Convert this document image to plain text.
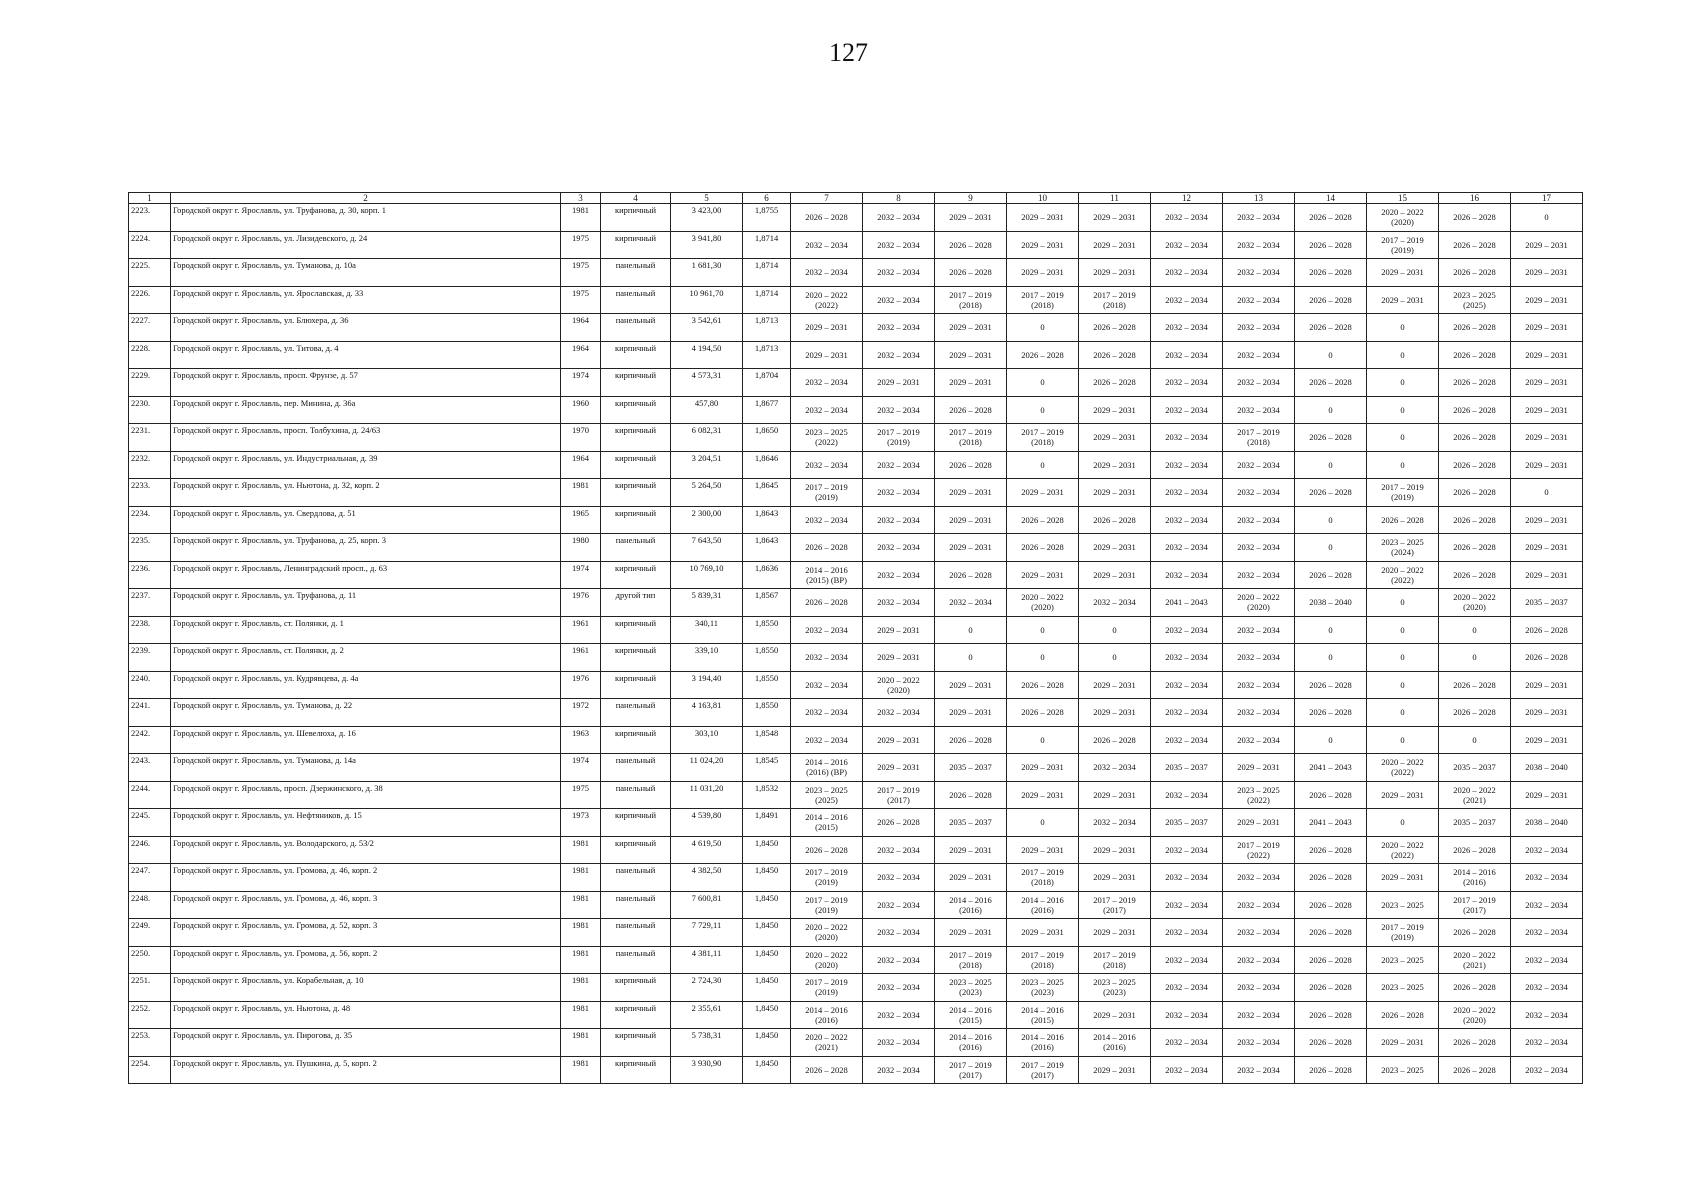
127
1	2	3	4	5	6	7	8	9	10	11	12	13	14	15	16	17
2223.	Городской округ г. Ярославль, ул. Труфанова, д. 30, корп. 1	1981	кирпичный	3 423,00	1,8755	2026 – 2028	2032 – 2034	2029 – 2031	2029 – 2031	2029 – 2031	2032 – 2034	2032 – 2034	2026 – 2028	2020 – 2022 (2020)	2026 – 2028	0
2224.	Городской округ г. Ярославль, ул. Лизидевского, д. 24	1975	кирпичный	3 941,80	1,8714	2032 – 2034	2032 – 2034	2026 – 2028	2029 – 2031	2029 – 2031	2032 – 2034	2032 – 2034	2026 – 2028	2017 – 2019 (2019)	2026 – 2028	2029 – 2031
2225.	Городской округ г. Ярославль, ул. Туманова, д. 10а	1975	панельный	1 681,30	1,8714	2032 – 2034	2032 – 2034	2026 – 2028	2029 – 2031	2029 – 2031	2032 – 2034	2032 – 2034	2026 – 2028	2029 – 2031	2026 – 2028	2029 – 2031
2226.	Городской округ г. Ярославль, ул. Ярославская, д. 33	1975	панельный	10 961,70	1,8714	2020 – 2022 (2022)	2032 – 2034	2017 – 2019 (2018)	2017 – 2019 (2018)	2017 – 2019 (2018)	2032 – 2034	2032 – 2034	2026 – 2028	2029 – 2031	2023 – 2025 (2025)	2029 – 2031
2227.	Городской округ г. Ярославль, ул. Блюхера, д. 36	1964	панельный	3 542,61	1,8713	2029 – 2031	2032 – 2034	2029 – 2031	0	2026 – 2028	2032 – 2034	2032 – 2034	2026 – 2028	0	2026 – 2028	2029 – 2031
2228.	Городской округ г. Ярославль, ул. Титова, д. 4	1964	кирпичный	4 194,50	1,8713	2029 – 2031	2032 – 2034	2029 – 2031	2026 – 2028	2026 – 2028	2032 – 2034	2032 – 2034	0	0	2026 – 2028	2029 – 2031
2229.	Городской округ г. Ярославль, просп. Фрунзе, д. 57	1974	кирпичный	4 573,31	1,8704	2032 – 2034	2029 – 2031	2029 – 2031	0	2026 – 2028	2032 – 2034	2032 – 2034	2026 – 2028	0	2026 – 2028	2029 – 2031
2230.	Городской округ г. Ярославль, пер. Минина, д. 36а	1960	кирпичный	457,80	1,8677	2032 – 2034	2032 – 2034	2026 – 2028	0	2029 – 2031	2032 – 2034	2032 – 2034	0	0	2026 – 2028	2029 – 2031
2231.	Городской округ г. Ярославль, просп. Толбухина, д. 24/63	1970	кирпичный	6 082,31	1,8650	2023 – 2025 (2022)	2017 – 2019 (2019)	2017 – 2019 (2018)	2017 – 2019 (2018)	2029 – 2031	2032 – 2034	2017 – 2019 (2018)	2026 – 2028	0	2026 – 2028	2029 – 2031
2232.	Городской округ г. Ярославль, ул. Индустриальная, д. 39	1964	кирпичный	3 204,51	1,8646	2032 – 2034	2032 – 2034	2026 – 2028	0	2029 – 2031	2032 – 2034	2032 – 2034	0	0	2026 – 2028	2029 – 2031
2233.	Городской округ г. Ярославль, ул. Ньютона, д. 32, корп. 2	1981	кирпичный	5 264,50	1,8645	2017 – 2019 (2019)	2032 – 2034	2029 – 2031	2029 – 2031	2029 – 2031	2032 – 2034	2032 – 2034	2026 – 2028	2017 – 2019 (2019)	2026 – 2028	0
2234.	Городской округ г. Ярославль, ул. Свердлова, д. 51	1965	кирпичный	2 300,00	1,8643	2032 – 2034	2032 – 2034	2029 – 2031	2026 – 2028	2026 – 2028	2032 – 2034	2032 – 2034	0	2026 – 2028	2026 – 2028	2029 – 2031
2235.	Городской округ г. Ярославль, ул. Труфанова, д. 25, корп. 3	1980	панельный	7 643,50	1,8643	2026 – 2028	2032 – 2034	2029 – 2031	2026 – 2028	2029 – 2031	2032 – 2034	2032 – 2034	0	2023 – 2025 (2024)	2026 – 2028	2029 – 2031
2236.	Городской округ г. Ярославль, Ленинградский просп., д. 63	1974	кирпичный	10 769,10	1,8636	2014 – 2016 (2015) (ВР)	2032 – 2034	2026 – 2028	2029 – 2031	2029 – 2031	2032 – 2034	2032 – 2034	2026 – 2028	2020 – 2022 (2022)	2026 – 2028	2029 – 2031
2237.	Городской округ г. Ярославль, ул. Труфанова, д. 11	1976	другой тип	5 839,31	1,8567	2026 – 2028	2032 – 2034	2032 – 2034	2020 – 2022 (2020)	2032 – 2034	2041 – 2043	2020 – 2022 (2020)	2038 – 2040	0	2020 – 2022 (2020)	2035 – 2037
2238.	Городской округ г. Ярославль, ст. Полянки, д. 1	1961	кирпичный	340,11	1,8550	2032 – 2034	2029 – 2031	0	0	0	2032 – 2034	2032 – 2034	0	0	0	2026 – 2028
2239.	Городской округ г. Ярославль, ст. Полянки, д. 2	1961	кирпичный	339,10	1,8550	2032 – 2034	2029 – 2031	0	0	0	2032 – 2034	2032 – 2034	0	0	0	2026 – 2028
2240.	Городской округ г. Ярославль, ул. Кудрявцева, д. 4а	1976	кирпичный	3 194,40	1,8550	2032 – 2034	2020 – 2022 (2020)	2029 – 2031	2026 – 2028	2029 – 2031	2032 – 2034	2032 – 2034	2026 – 2028	0	2026 – 2028	2029 – 2031
2241.	Городской округ г. Ярославль, ул. Туманова, д. 22	1972	панельный	4 163,81	1,8550	2032 – 2034	2032 – 2034	2029 – 2031	2026 – 2028	2029 – 2031	2032 – 2034	2032 – 2034	2026 – 2028	0	2026 – 2028	2029 – 2031
2242.	Городской округ г. Ярославль, ул. Шевелюха, д. 16	1963	кирпичный	303,10	1,8548	2032 – 2034	2029 – 2031	2026 – 2028	0	2026 – 2028	2032 – 2034	2032 – 2034	0	0	0	2029 – 2031
2243.	Городской округ г. Ярославль, ул. Туманова, д. 14а	1974	панельный	11 024,20	1,8545	2014 – 2016 (2016) (ВР)	2029 – 2031	2035 – 2037	2029 – 2031	2032 – 2034	2035 – 2037	2029 – 2031	2041 – 2043	2020 – 2022 (2022)	2035 – 2037	2038 – 2040
2244.	Городской округ г. Ярославль, просп. Дзержинского, д. 38	1975	панельный	11 031,20	1,8532	2023 – 2025 (2025)	2017 – 2019 (2017)	2026 – 2028	2029 – 2031	2029 – 2031	2032 – 2034	2023 – 2025 (2022)	2026 – 2028	2029 – 2031	2020 – 2022 (2021)	2029 – 2031
2245.	Городской округ г. Ярославль, ул. Нефтяников, д. 15	1973	кирпичный	4 539,80	1,8491	2014 – 2016 (2015)	2026 – 2028	2035 – 2037	0	2032 – 2034	2035 – 2037	2029 – 2031	2041 – 2043	0	2035 – 2037	2038 – 2040
2246.	Городской округ г. Ярославль, ул. Володарского, д. 53/2	1981	кирпичный	4 619,50	1,8450	2026 – 2028	2032 – 2034	2029 – 2031	2029 – 2031	2029 – 2031	2032 – 2034	2017 – 2019 (2022)	2026 – 2028	2020 – 2022 (2022)	2026 – 2028	2032 – 2034
2247.	Городской округ г. Ярославль, ул. Громова, д. 46, корп. 2	1981	панельный	4 382,50	1,8450	2017 – 2019 (2019)	2032 – 2034	2029 – 2031	2017 – 2019 (2018)	2029 – 2031	2032 – 2034	2032 – 2034	2026 – 2028	2029 – 2031	2014 – 2016 (2016)	2032 – 2034
2248.	Городской округ г. Ярославль, ул. Громова, д. 46, корп. 3	1981	панельный	7 600,81	1,8450	2017 – 2019 (2019)	2032 – 2034	2014 – 2016 (2016)	2014 – 2016 (2016)	2017 – 2019 (2017)	2032 – 2034	2032 – 2034	2026 – 2028	2023 – 2025	2017 – 2019 (2017)	2032 – 2034
2249.	Городской округ г. Ярославль, ул. Громова, д. 52, корп. 3	1981	панельный	7 729,11	1,8450	2020 – 2022 (2020)	2032 – 2034	2029 – 2031	2029 – 2031	2029 – 2031	2032 – 2034	2032 – 2034	2026 – 2028	2017 – 2019 (2019)	2026 – 2028	2032 – 2034
2250.	Городской округ г. Ярославль, ул. Громова, д. 56, корп. 2	1981	панельный	4 381,11	1,8450	2020 – 2022 (2020)	2032 – 2034	2017 – 2019 (2018)	2017 – 2019 (2018)	2017 – 2019 (2018)	2032 – 2034	2032 – 2034	2026 – 2028	2023 – 2025	2020 – 2022 (2021)	2032 – 2034
2251.	Городской округ г. Ярославль, ул. Корабельная, д. 10	1981	кирпичный	2 724,30	1,8450	2017 – 2019 (2019)	2032 – 2034	2023 – 2025 (2023)	2023 – 2025 (2023)	2023 – 2025 (2023)	2032 – 2034	2032 – 2034	2026 – 2028	2023 – 2025	2026 – 2028	2032 – 2034
2252.	Городской округ г. Ярославль, ул. Ньютона, д. 48	1981	кирпичный	2 355,61	1,8450	2014 – 2016 (2016)	2032 – 2034	2014 – 2016 (2015)	2014 – 2016 (2015)	2029 – 2031	2032 – 2034	2032 – 2034	2026 – 2028	2026 – 2028	2020 – 2022 (2020)	2032 – 2034
2253.	Городской округ г. Ярославль, ул. Пирогова, д. 35	1981	кирпичный	5 738,31	1,8450	2020 – 2022 (2021)	2032 – 2034	2014 – 2016 (2016)	2014 – 2016 (2016)	2014 – 2016 (2016)	2032 – 2034	2032 – 2034	2026 – 2028	2029 – 2031	2026 – 2028	2032 – 2034
2254.	Городской округ г. Ярославль, ул. Пушкина, д. 5, корп. 2	1981	кирпичный	3 930,90	1,8450	2026 – 2028	2032 – 2034	2017 – 2019 (2017)	2017 – 2019 (2017)	2029 – 2031	2032 – 2034	2032 – 2034	2026 – 2028	2023 – 2025	2026 – 2028	2032 – 2034
